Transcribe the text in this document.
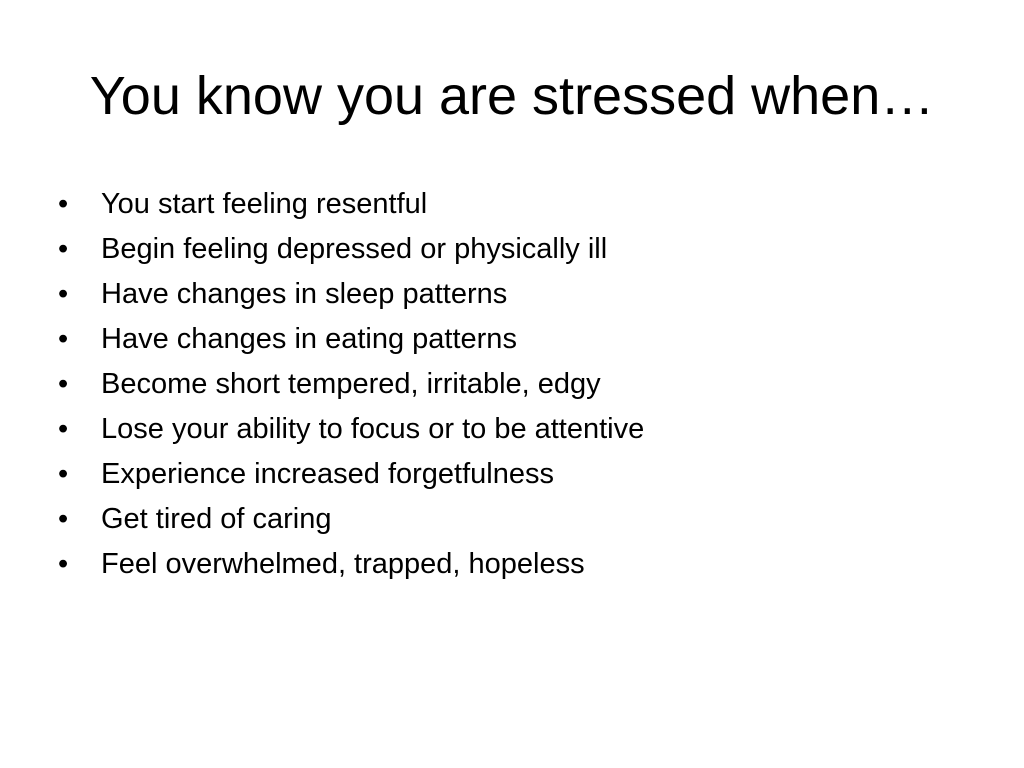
You know you are stressed when…
•	You start feeling resentful
•	Begin feeling depressed or physically ill
•	Have changes in sleep patterns
•	Have changes in eating patterns
•	Become short tempered, irritable, edgy
•	Lose your ability to focus or to be attentive
•	Experience increased forgetfulness
•	Get tired of caring
•	Feel overwhelmed, trapped, hopeless
